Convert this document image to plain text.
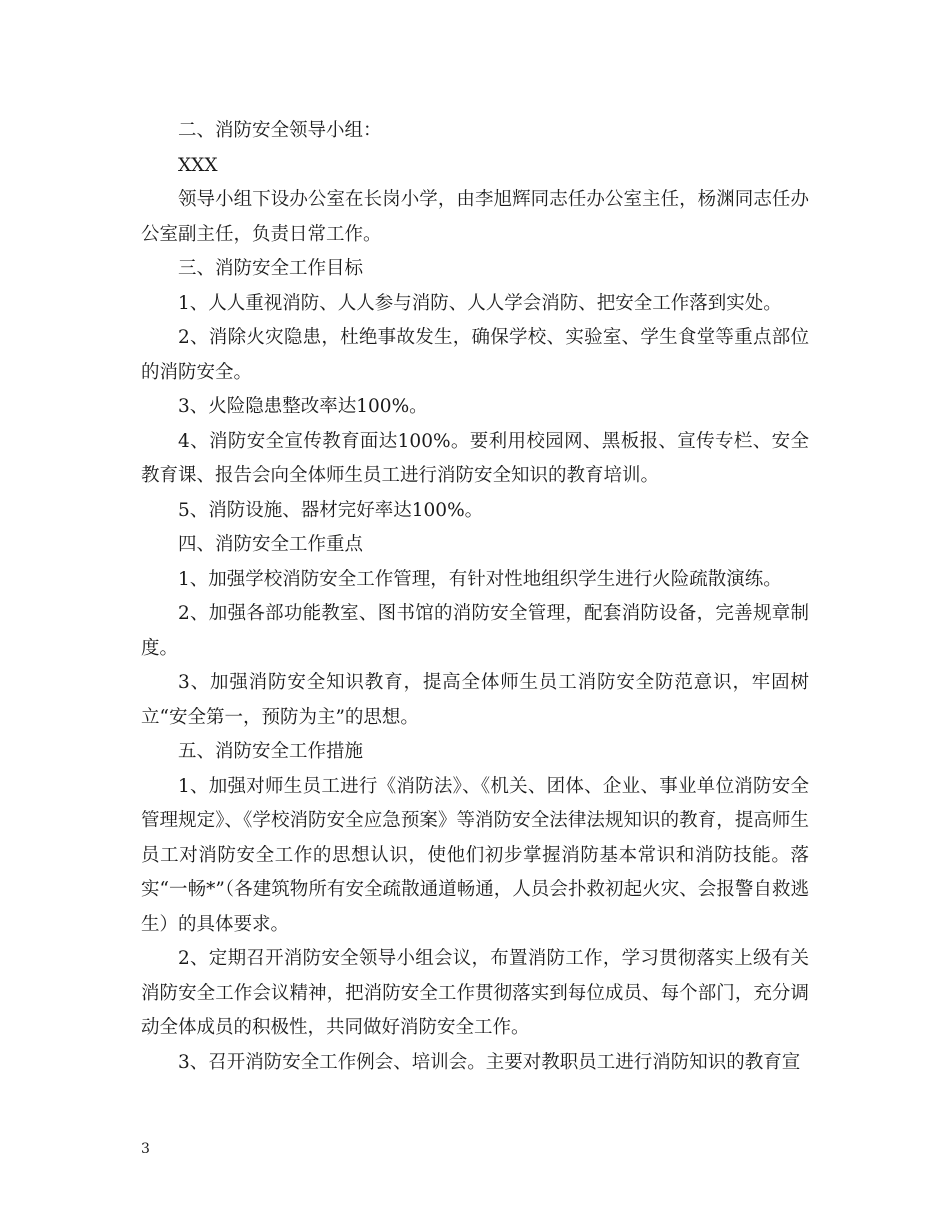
二、消防安全领导小组：

XXX

领导小组下设办公室在长岗小学，由李旭辉同志任办公室主任，杨渊同志任办公室副主任，负责日常工作。

三、消防安全工作目标

1、人人重视消防、人人参与消防、人人学会消防、把安全工作落到实处。

2、消除火灾隐患，杜绝事故发生，确保学校、实验室、学生食堂等重点部位的消防安全。

3、火险隐患整改率达100%。

4、消防安全宣传教育面达100%。要利用校园网、黑板报、宣传专栏、安全教育课、报告会向全体师生员工进行消防安全知识的教育培训。

5、消防设施、器材完好率达100%。

四、消防安全工作重点

1、加强学校消防安全工作管理，有针对性地组织学生进行火险疏散演练。

2、加强各部功能教室、图书馆的消防安全管理，配套消防设备，完善规章制度。

3、加强消防安全知识教育，提高全体师生员工消防安全防范意识，牢固树立“安全第一，预防为主”的思想。

五、消防安全工作措施

1、加强对师生员工进行《消防法》、《机关、团体、企业、事业单位消防安全管理规定》、《学校消防安全应急预案》等消防安全法律法规知识的教育，提高师生员工对消防安全工作的思想认识，使他们初步掌握消防基本常识和消防技能。落实“一畅*”（各建筑物所有安全疏散通道畅通，人员会扑救初起火灾、会报警自救逃生）的具体要求。

2、定期召开消防安全领导小组会议，布置消防工作，学习贯彻落实上级有关消防安全工作会议精神，把消防安全工作贯彻落实到每位成员、每个部门，充分调动全体成员的积极性，共同做好消防安全工作。

3、召开消防安全工作例会、培训会。主要对教职员工进行消防知识的教育宣

3
